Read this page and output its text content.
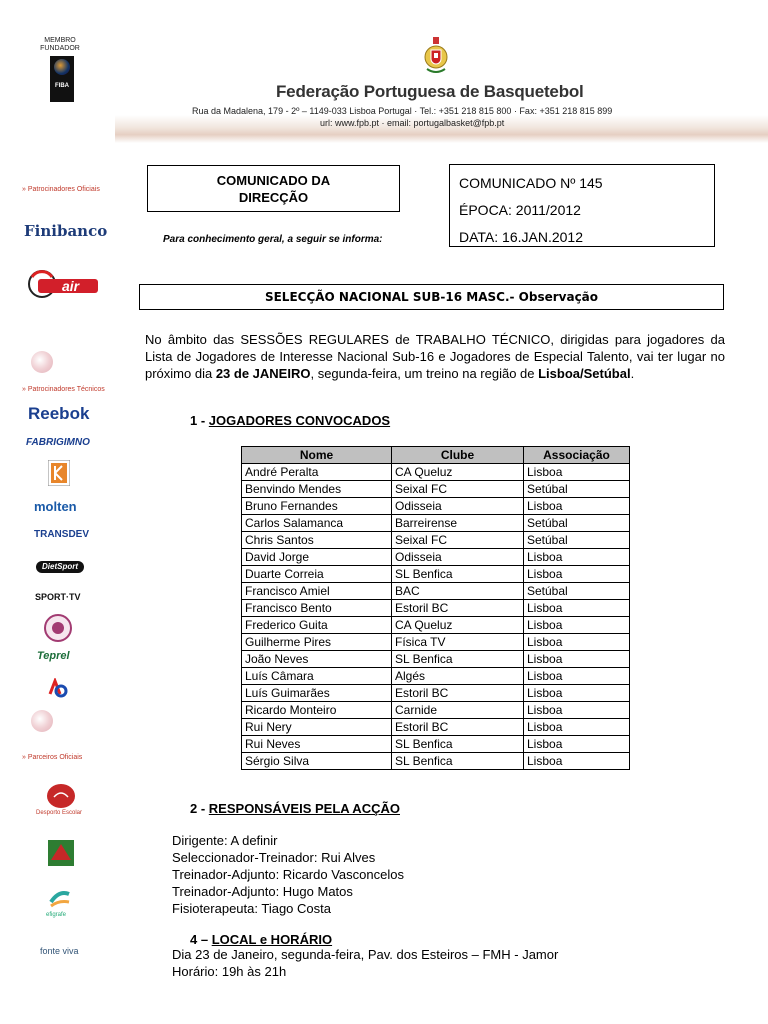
MEMBRO
FUNDADOR
FIBA	Federação Portuguesa de Basquetebol
Rua da Madalena, 179 - 2º – 1149-033 Lisboa Portugal · Tel.: +351 218 815 800 · Fax: +351 218 815 899
url: www.fpb.pt · email: portugalbasket@fpb.pt
» Patrocinadores Oficiais
Finibanco
air
» Patrocinadores Técnicos
Reebok
FABRIGIMNO
molten
TRANSDEV
DietSport
SPORT·TV
Teprel
» Parceiros Oficiais
Desporto Escolar
efigrafe
fonte viva
COMUNICADO DA
DIRECÇÃO
COMUNICADO Nº 145
ÉPOCA: 2011/2012
DATA: 16.JAN.2012
Para conhecimento geral, a seguir se informa:
SELECÇÃO NACIONAL SUB-16 MASC.- Observação
No âmbito das SESSÕES REGULARES de TRABALHO TÉCNICO, dirigidas para jogadores da Lista de Jogadores de Interesse Nacional Sub-16 e Jogadores de Especial Talento, vai ter lugar no próximo dia 23 de JANEIRO, segunda-feira, um treino na região de Lisboa/Setúbal.
1 - JOGADORES CONVOCADOS
Nome	Clube	Associação
André Peralta	CA Queluz	Lisboa
Benvindo Mendes	Seixal FC	Setúbal
Bruno Fernandes	Odisseia	Lisboa
Carlos Salamanca	Barreirense	Setúbal
Chris Santos	Seixal FC	Setúbal
David Jorge	Odisseia	Lisboa
Duarte Correia	SL Benfica	Lisboa
Francisco Amiel	BAC	Setúbal
Francisco Bento	Estoril BC	Lisboa
Frederico Guita	CA Queluz	Lisboa
Guilherme Pires	Física TV	Lisboa
João Neves	SL Benfica	Lisboa
Luís Câmara	Algés	Lisboa
Luís Guimarães	Estoril BC	Lisboa
Ricardo Monteiro	Carnide	Lisboa
Rui Nery	Estoril BC	Lisboa
Rui Neves	SL Benfica	Lisboa
Sérgio Silva	SL Benfica	Lisboa
2 - RESPONSÁVEIS PELA ACÇÃO
Dirigente: A definir
Seleccionador-Treinador: Rui Alves
Treinador-Adjunto: Ricardo Vasconcelos
Treinador-Adjunto: Hugo Matos
Fisioterapeuta: Tiago Costa
4 – LOCAL e HORÁRIO
Dia 23 de Janeiro, segunda-feira, Pav. dos Esteiros – FMH - Jamor
Horário: 19h às 21h
